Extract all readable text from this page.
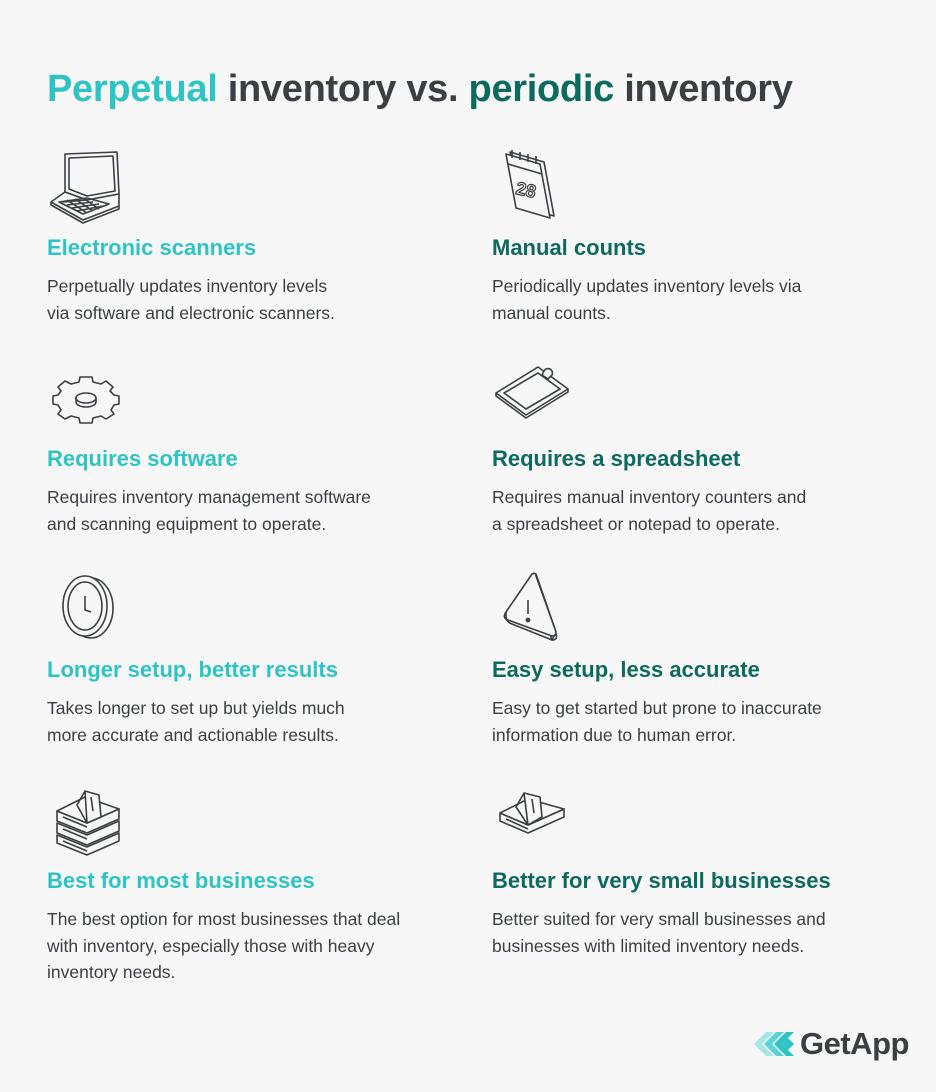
Perpetual inventory vs. periodic inventory
Electronic scanners
Perpetually updates inventory levels
via software and electronic scanners.
Requires software
Requires inventory management software
and scanning equipment to operate.
Longer setup, better results
Takes longer to set up but yields much
more accurate and actionable results.
Best for most businesses
The best option for most businesses that deal
with inventory, especially those with heavy
inventory needs.
28
Manual counts
Periodically updates inventory levels via
manual counts.
Requires a spreadsheet
Requires manual inventory counters and
a spreadsheet or notepad to operate.
Easy setup, less accurate
Easy to get started but prone to inaccurate
information due to human error.
Better for very small businesses
Better suited for very small businesses and
businesses with limited inventory needs.
GetApp
